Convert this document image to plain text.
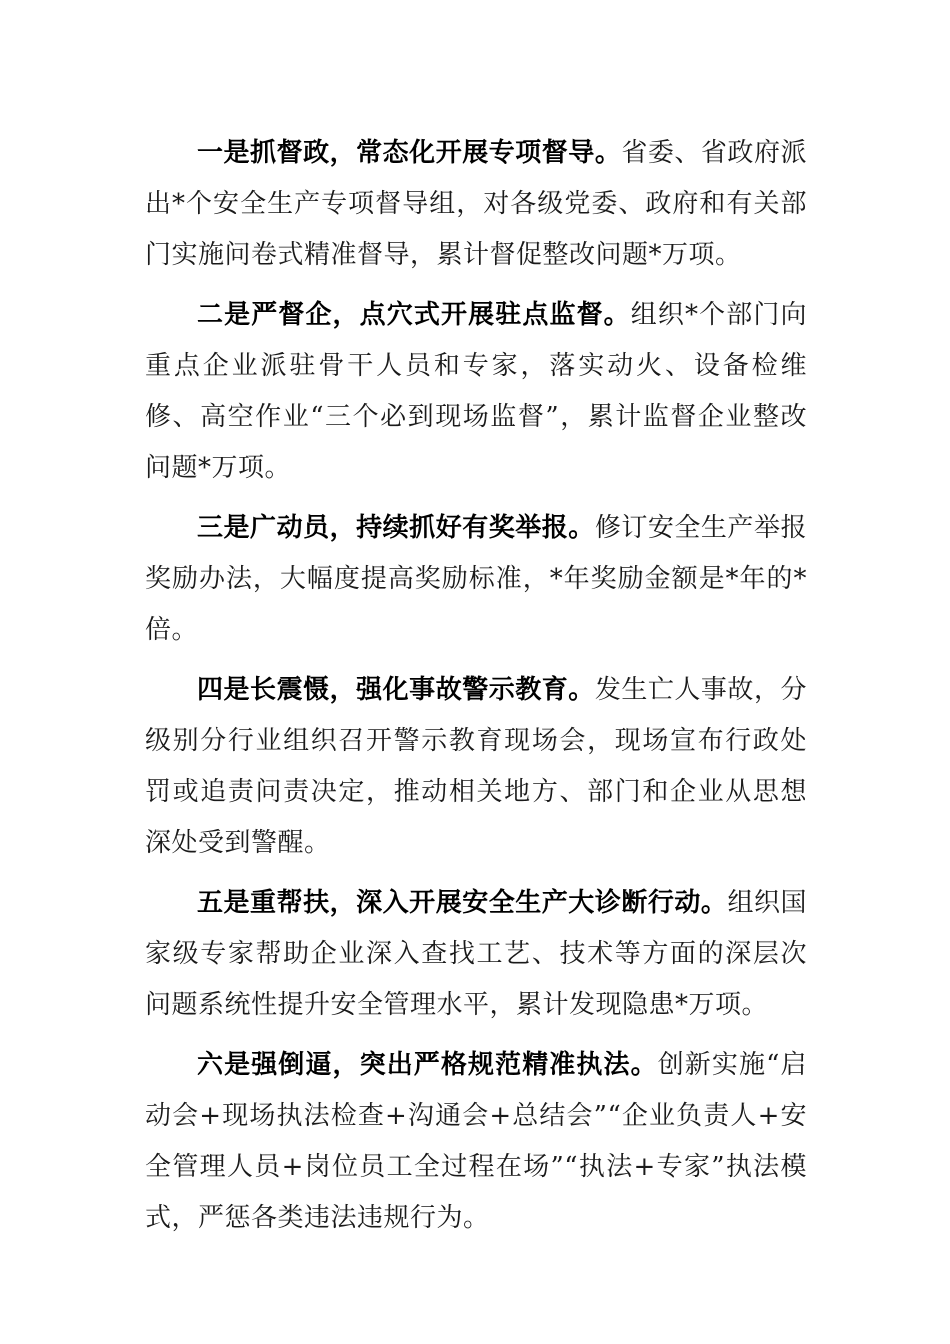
一是抓督政，常态化开展专项督导。省委、省政府派出*个安全生产专项督导组，对各级党委、政府和有关部门实施问卷式精准督导，累计督促整改问题*万项。

二是严督企，点穴式开展驻点监督。组织*个部门向重点企业派驻骨干人员和专家，落实动火、设备检维修、高空作业“三个必到现场监督”，累计监督企业整改问题*万项。

三是广动员，持续抓好有奖举报。修订安全生产举报奖励办法，大幅度提高奖励标准，*年奖励金额是*年的*倍。

四是长震慑，强化事故警示教育。发生亡人事故，分级别分行业组织召开警示教育现场会，现场宣布行政处罚或追责问责决定，推动相关地方、部门和企业从思想深处受到警醒。

五是重帮扶，深入开展安全生产大诊断行动。组织国家级专家帮助企业深入查找工艺、技术等方面的深层次问题系统性提升安全管理水平，累计发现隐患*万项。

六是强倒逼，突出严格规范精准执法。创新实施“启动会+现场执法检查+沟通会+总结会”“企业负责人+安全管理人员+岗位员工全过程在场”“执法+专家”执法模式，严惩各类违法违规行为。
